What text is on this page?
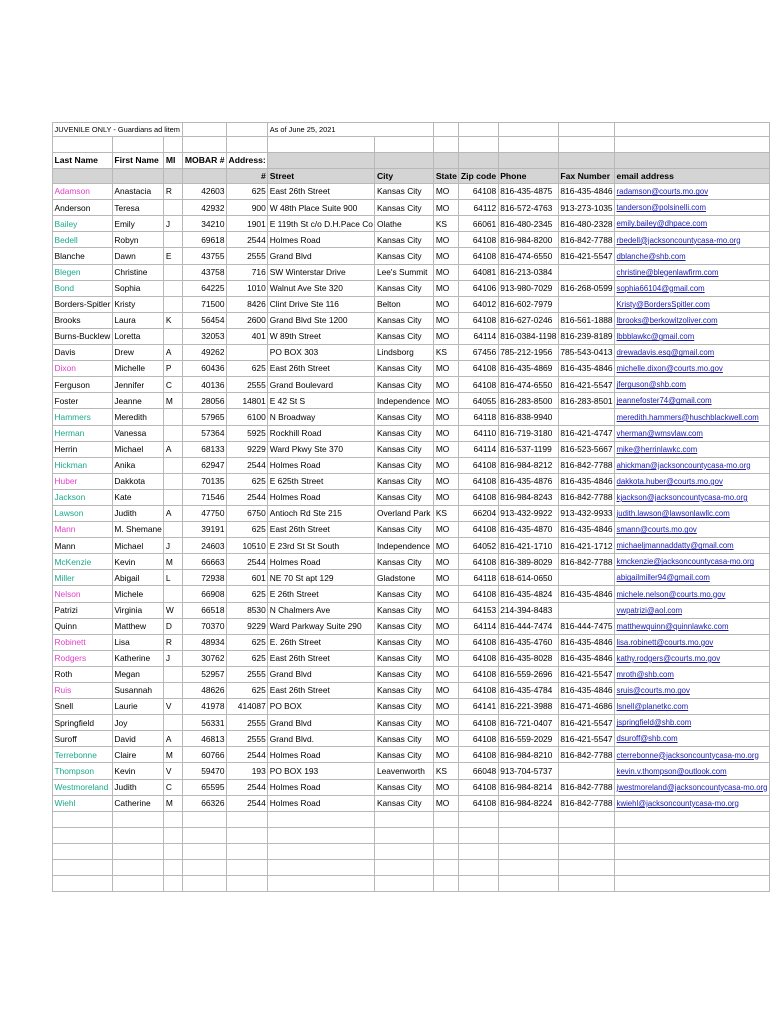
JUVENILE ONLY - Guardians ad litem					As of June 25, 2021						

Last Name	First Name	MI	MOBAR #	Address:							
				#	Street	City	State	Zip code	Phone	Fax Number	email address
Adamson	Anastacia	R	42603	625	East 26th Street	Kansas City	MO	64108	816-435-4875	816-435-4846	radamson@courts.mo.gov
Anderson	Teresa		42932	900	W 48th Place Suite 900	Kansas City	MO	64112	816-572-4763	913-273-1035	tanderson@polsinelli.com
Bailey	Emily	J	34210	1901	E 119th St c/o D.H.Pace Co	Olathe	KS	66061	816-480-2345	816-480-2328	emily.bailey@dhpace.com
Bedell	Robyn		69618	2544	Holmes Road	Kansas City	MO	64108	816-984-8200	816-842-7788	rbedell@jacksoncountycasa-mo.org
Blanche	Dawn	E	43755	2555	Grand Blvd	Kansas City	MO	64108	816-474-6550	816-421-5547	dblanche@shb.com
Blegen	Christine		43758	716	SW Winterstar Drive	Lee's Summit	MO	64081	816-213-0384		christine@blegenlawfirm.com
Bond	Sophia		64225	1010	Walnut Ave Ste 320	Kansas City	MO	64106	913-980-7029	816-268-0599	sophia66104@gmail.com
Borders-Spitler	Kristy		71500	8426	Clint Drive Ste 116	Belton	MO	64012	816-602-7979		Kristy@BordersSpitler.com
Brooks	Laura	K	56454	2600	Grand Blvd Ste 1200	Kansas City	MO	64108	816-627-0246	816-561-1888	lbrooks@berkowitzoliver.com
Burns-Bucklew	Loretta		32053	401	W 89th Street	Kansas City	MO	64114	816-0384-1198	816-239-8189	lbbblawkc@gmail.com
Davis	Drew	A	49262		PO BOX 303	Lindsborg	KS	67456	785-212-1956	785-543-0413	drewadavis.esq@gmail.com
Dixon	Michelle	P	60436	625	East 26th Street	Kansas City	MO	64108	816-435-4869	816-435-4846	michelle.dixon@courts.mo.gov
Ferguson	Jennifer	C	40136	2555	Grand Boulevard	Kansas City	MO	64108	816-474-6550	816-421-5547	jferguson@shb.com
Foster	Jeanne	M	28056	14801	E 42 St S	Independence	MO	64055	816-283-8500	816-283-8501	jeannefoster74@gmail.com
Hammers	Meredith		57965	6100	N Broadway	Kansas City	MO	64118	816-838-9940		meredith.hammers@huschblackwell.com
Herman	Vanessa		57364	5925	Rockhill Road	Kansas City	MO	64110	816-719-3180	816-421-4747	vherman@wmsvlaw.com
Herrin	Michael	A	68133	9229	Ward Pkwy Ste 370	Kansas City	MO	64114	816-537-1199	816-523-5667	mike@herrinlawkc.com
Hickman	Anika		62947	2544	Holmes Road	Kansas City	MO	64108	816-984-8212	816-842-7788	ahickman@jacksoncountycasa-mo.org
Huber	Dakkota		70135	625	E 625th Street	Kansas City	MO	64108	816-435-4876	816-435-4846	dakkota.huber@courts.mo.gov
Jackson	Kate		71546	2544	Holmes Road	Kansas City	MO	64108	816-984-8243	816-842-7788	kjackson@jacksoncountycasa-mo.org
Lawson	Judith	A	47750	6750	Antioch Rd Ste 215	Overland Park	KS	66204	913-432-9922	913-432-9933	judith.lawson@lawsonlawllc.com
Mann	M. Shemane		39191	625	East 26th Street	Kansas City	MO	64108	816-435-4870	816-435-4846	smann@courts.mo.gov
Mann	Michael	J	24603	10510	E 23rd St St South	Independence	MO	64052	816-421-1710	816-421-1712	michaeljmannaddatty@gmail.com
McKenzie	Kevin	M	66663	2544	Holmes Road	Kansas City	MO	64108	816-389-8029	816-842-7788	kmckenzie@jacksoncountycasa-mo.org
Miller	Abigail	L	72938	601	NE 70 St apt 129	Gladstone	MO	64118	618-614-0650		abigailmiller94@gmail.com
Nelson	Michele		66908	625	E 26th Street	Kansas City	MO	64108	816-435-4824	816-435-4846	michele.nelson@courts.mo.gov
Patrizi	Virginia	W	66518	8530	N Chalmers Ave	Kansas City	MO	64153	214-394-8483		vwpatrizi@aol.com
Quinn	Matthew	D	70370	9229	Ward Parkway Suite 290	Kansas City	MO	64114	816-444-7474	816-444-7475	matthewquinn@quinnlawkc.com
Robinett	Lisa	R	48934	625	E. 26th Street	Kansas City	MO	64108	816-435-4760	816-435-4846	lisa.robinett@courts.mo.gov
Rodgers	Katherine	J	30762	625	East 26th Street	Kansas City	MO	64108	816-435-8028	816-435-4846	kathy.rodgers@courts.mo.gov
Roth	Megan		52957	2555	Grand Blvd	Kansas City	MO	64108	816-559-2696	816-421-5547	mroth@shb.com
Ruis	Susannah		48626	625	East 26th Street	Kansas City	MO	64108	816-435-4784	816-435-4846	sruis@courts.mo.gov
Snell	Laurie	V	41978	414087	PO BOX	Kansas City	MO	64141	816-221-3988	816-471-4686	lsnell@planetkc.com
Springfield	Joy		56331	2555	Grand Blvd	Kansas City	MO	64108	816-721-0407	816-421-5547	jspringfield@shb.com
Suroff	David	A	46813	2555	Grand Blvd.	Kansas City	MO	64108	816-559-2029	816-421-5547	dsuroff@shb.com
Terrebonne	Claire	M	60766	2544	Holmes Road	Kansas City	MO	64108	816-984-8210	816-842-7788	cterrebonne@jacksoncountycasa-mo.org
Thompson	Kevin	V	59470	193	PO BOX 193	Leavenworth	KS	66048	913-704-5737		kevin.v.thompson@outlook.com
Westmoreland	Judith	C	65595	2544	Holmes Road	Kansas City	MO	64108	816-984-8214	816-842-7788	jwestmoreland@jacksoncountycasa-mo.org
Wiehl	Catherine	M	66326	2544	Holmes Road	Kansas City	MO	64108	816-984-8224	816-842-7788	kwiehl@jacksoncountycasa-mo.org
